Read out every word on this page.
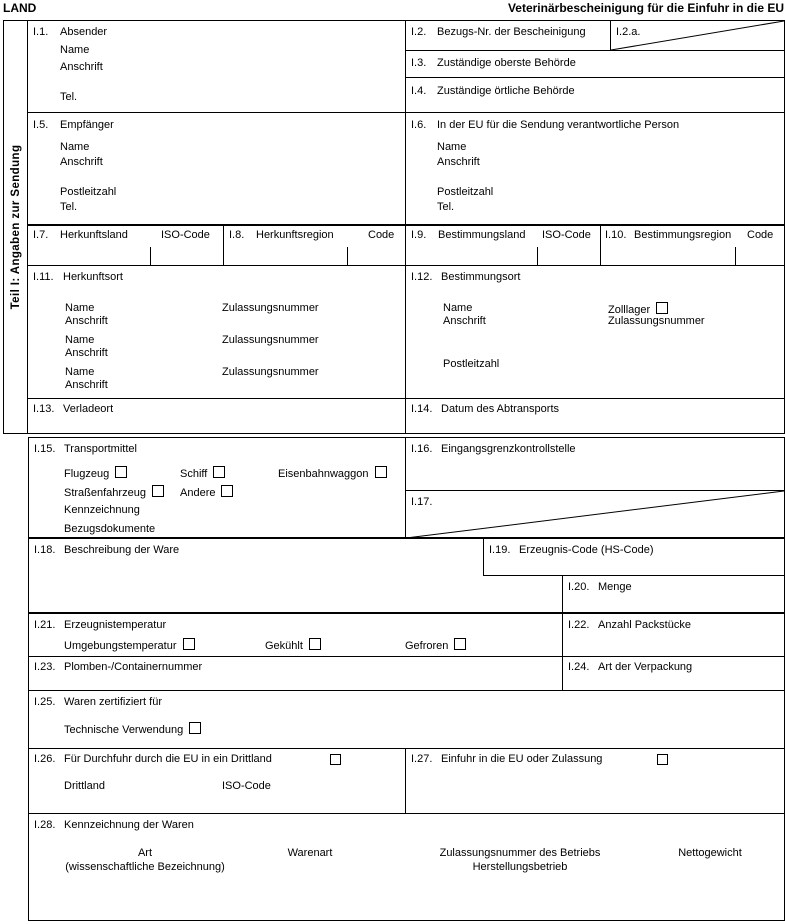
LAND	Veterinärbescheinigung für die Einfuhr in die EU
Teil I: Angaben zur Sendung
I.1. Absender
Name
Anschrift
Tel.
I.2. Bezugs-Nr. der Bescheinigung	I.2.a.
I.3. Zuständige oberste Behörde
I.4. Zuständige örtliche Behörde
I.5. Empfänger
Name
Anschrift
Postleitzahl
Tel.
I.6. In der EU für die Sendung verantwortliche Person
Name
Anschrift
Postleitzahl
Tel.
I.7. Herkunftsland	ISO-Code I.8. Herkunftsregion	Code I.9. Bestimmungsland ISO-Code I.10. Bestimmungsregion Code
I.11. Herkunftsort
Name	Zulassungsnummer
Anschrift
Name	Zulassungsnummer
Anschrift
Name	Zulassungsnummer
Anschrift
I.12. Bestimmungsort
Name	Zolllager
Anschrift	Zulassungsnummer
Postleitzahl
I.13. Verladeort	I.14. Datum des Abtransports
I.15. Transportmittel
Flugzeug	Schiff	Eisenbahnwaggon
Straßenfahrzeug	Andere
Kennzeichnung
Bezugsdokumente
I.16. Eingangsgrenzkontrollstelle
I.17.
I.18. Beschreibung der Ware	I.19. Erzeugnis-Code (HS-Code)
I.20. Menge
I.21. Erzeugnistemperatur
Umgebungstemperatur	Gekühlt	Gefroren
I.22. Anzahl Packstücke
I.23. Plomben-/Containernummer	I.24. Art der Verpackung
I.25. Waren zertifiziert für
Technische Verwendung
I.26. Für Durchfuhr durch die EU in ein Drittland
Drittland	ISO-Code
I.27. Einfuhr in die EU oder Zulassung
I.28. Kennzeichnung der Waren
Art
(wissenschaftliche Bezeichnung)
Warenart	Zulassungsnummer des Betriebs
Herstellungsbetrieb
Nettogewicht
